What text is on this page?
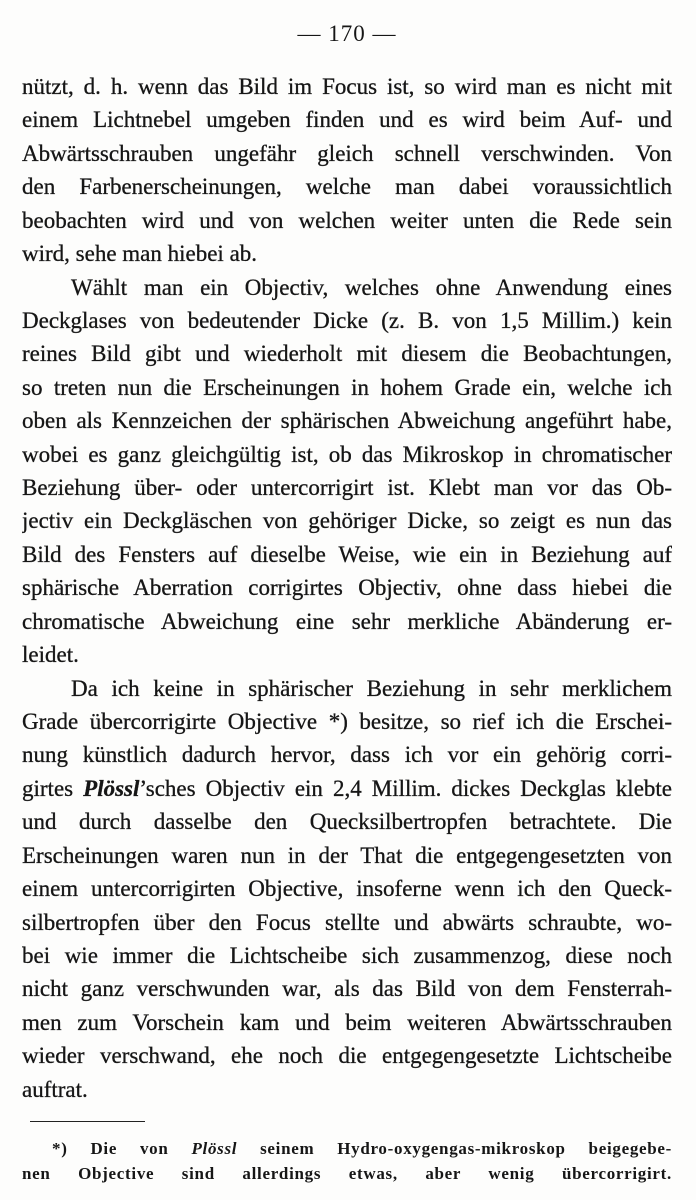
— 170 —
nützt, d. h. wenn das Bild im Focus ist, so wird man es nicht mit
einem Lichtnebel umgeben finden und es wird beim Auf- und
Abwärtsschrauben ungefähr gleich schnell verschwinden. Von
den Farbenerscheinungen, welche man dabei voraussichtlich
beobachten wird und von welchen weiter unten die Rede sein
wird, sehe man hiebei ab.
Wählt man ein Objectiv, welches ohne Anwendung eines
Deckglases von bedeutender Dicke (z. B. von 1,5 Millim.) kein
reines Bild gibt und wiederholt mit diesem die Beobachtungen,
so treten nun die Erscheinungen in hohem Grade ein, welche ich
oben als Kennzeichen der sphärischen Abweichung angeführt habe,
wobei es ganz gleichgültig ist, ob das Mikroskop in chromatischer
Beziehung über- oder untercorrigirt ist. Klebt man vor das Ob-
jectiv ein Deckgläschen von gehöriger Dicke, so zeigt es nun das
Bild des Fensters auf dieselbe Weise, wie ein in Beziehung auf
sphärische Aberration corrigirtes Objectiv, ohne dass hiebei die
chromatische Abweichung eine sehr merkliche Abänderung er-
leidet.
Da ich keine in sphärischer Beziehung in sehr merklichem
Grade übercorrigirte Objective *) besitze, so rief ich die Erschei-
nung künstlich dadurch hervor, dass ich vor ein gehörig corri-
girtes Plössl’sches Objectiv ein 2,4 Millim. dickes Deckglas klebte
und durch dasselbe den Quecksilbertropfen betrachtete. Die
Erscheinungen waren nun in der That die entgegengesetzten von
einem untercorrigirten Objective, insoferne wenn ich den Queck-
silbertropfen über den Focus stellte und abwärts schraubte, wo-
bei wie immer die Lichtscheibe sich zusammenzog, diese noch
nicht ganz verschwunden war, als das Bild von dem Fensterrah-
men zum Vorschein kam und beim weiteren Abwärtsschrauben
wieder verschwand, ehe noch die entgegengesetzte Lichtscheibe
auftrat.
*) Die von Plössl seinem Hydro-oxygengas-mikroskop beigegebe-
nen Objective sind allerdings etwas, aber wenig übercorrigirt.
